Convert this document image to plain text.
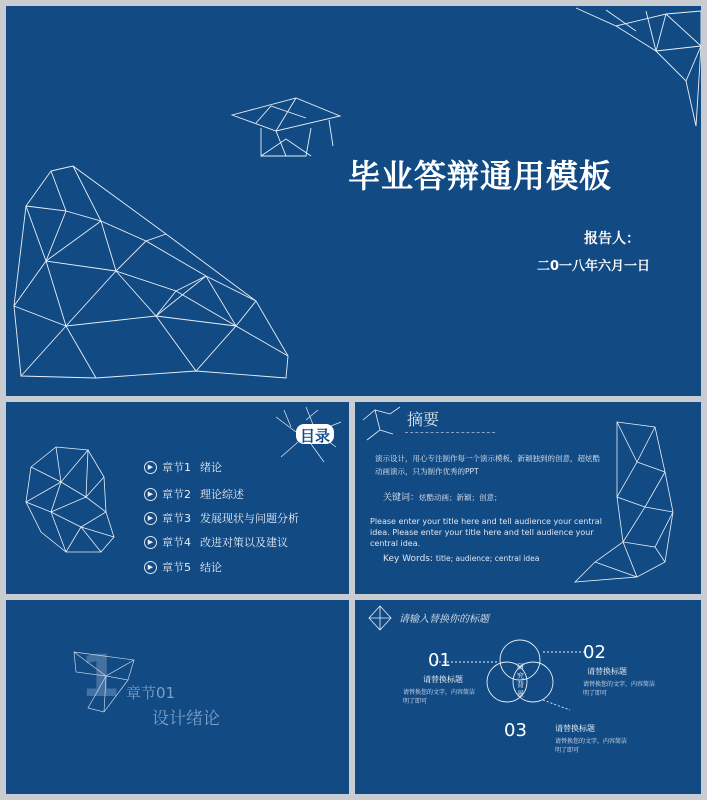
毕业答辩通用模板
报告人：
二0一八年六月一日
目录
▶ 章节1 绪论
▶ 章节2 理论综述
▶ 章节3 发展现状与问题分析
▶ 章节4 改进对策以及建议
▶ 章节5 结论
摘要
演示设计，用心专注制作每一个演示模板，新颖独到的创意，超炫酷动画演示，只为制作优秀的PPT
关键词：炫酷动画；新颖；创意；
Please enter your title here and tell audience your central idea. Please enter your title here and tell audience your central idea.
Key Words: title; audience; central idea
1 章节01
设计绪论
请输入替换你的标题
研究背景
01
请替换标题
请替换您的文字，内容简洁明了即可
02
请替换标题
请替换您的文字，内容简洁明了即可
03	请替换标题
请替换您的文字，内容简洁明了即可
